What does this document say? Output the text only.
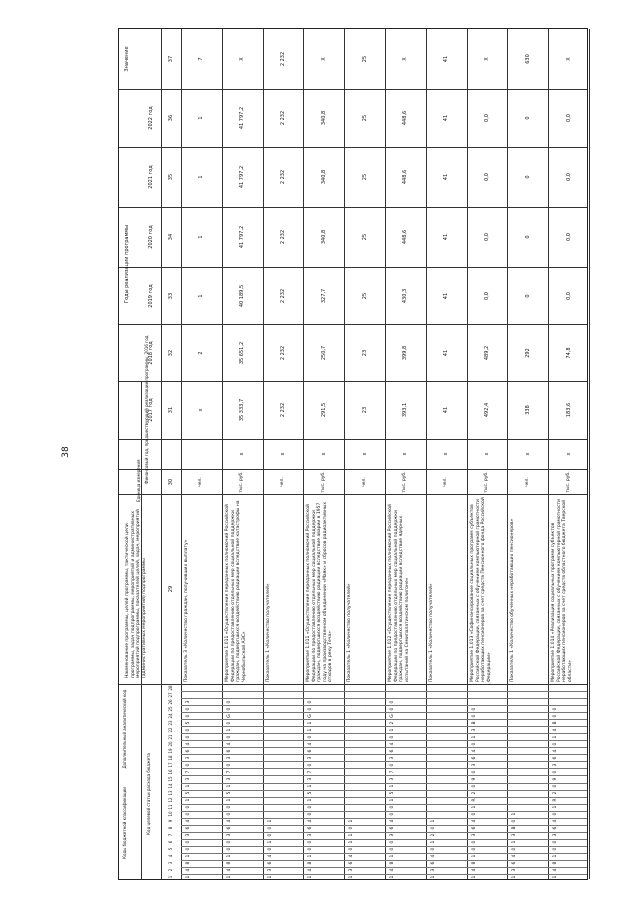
38
Значение
Годы реализации программы
2017 год
2018 год
2019 год
2020 год
2021 год
2022 год
Финансовый год, предшествующий реализации программы, 2016 год
Единица измерения
Наименование программы, целей программы, тактической цели программы, задач подпрограммы, мероприятий и административных мероприятий подпрограммы, показателей целей, задач, мероприятий (административных мероприятий) подпрограммы
Коды бюджетной классификации
Дополнительный аналитический код
Код целевой статьи расхода бюджета
29
30
31
32
33
34
35
36
37
1
2
3
4
5
6
7
8
9
10
11
12
13
14
15
16
17
18
19
20
21
22
23
24
25
26
27
28
Показатель 3 «Количество граждан, получивших выплату»
чел.
x
2
1
1
1
1
7
1
4
8
1
0
0
3
6
4
0
0
1
5
1
3
7
0
3
6
4
0
0
5
0
0
3
Мероприятие 1.011 «Осуществление переданных полномочий Российской Федерации по предоставлению отдельных мер социальной поддержки граждан, подвергшихся воздействию радиации вследствие катастрофы на Чернобыльской АЭС»
тыс. руб.
x
35 333,7
35 651,2
40 189,5
41 797,2
41 797,2
41 797,2
X
1
4
8
1
0
0
3
6
4
0
0
1
5
1
3
7
0
3
6
4
0
1
0
G
0
0
Показатель 1 «Количество получателей»
чел.
x
2 232
2 232
2 232
2 232
2 232
2 232
2 232
1
3
6
4
0
1
0
0
1
Мероприятие 1.011 «Осуществление переданных полномочий Российской Федерации по предоставлению отдельных мер социальной поддержки граждан, подвергшихся воздействию радиации вследствие аварии в 1957 году на производственном объединении «Маяк» и сбросов радиоактивных отходов в реку Теча»
тыс. руб.
x
291,5
250,7
327,7
340,8
340,8
340,8
X
1
4
8
1
0
0
3
6
4
0
0
1
5
1
3
7
0
3
6
4
0
1
1
G
0
0
Показатель 1 «Количество получателей»
чел.
x
23
23
25
25
25
25
25
1
3
6
4
0
1
1
0
1
Мероприятие 1.012 «Осуществление переданных полномочий Российской Федерации по предоставлению отдельных мер социальной поддержки граждан, подвергшихся воздействию радиации вследствие ядерных испытаний на Семипалатинском полигоне»
тыс. руб.
x
393,1
399,8
430,3
448,6
448,6
448,6
X
1
4
8
1
0
0
3
6
4
0
0
1
5
1
3
7
0
3
6
4
0
1
2
G
0
0
Показатель 1 «Количество получателей»
чел.
x
41
41
41
41
41
41
41
1
3
6
4
0
1
2
0
1
Мероприятие 1.013 «Софинансирование социальных программ субъектов Российской Федерации, связанных с обучением компьютерной грамотности неработающих пенсионеров за счет средств Пенсионного фонда Российской Федерации»
тыс. руб.
x
492,4
489,2
0,0
0,0
0,0
0,0
X
1
4
8
1
0
0
3
6
4
0
1
R
2
0
9
0
3
6
4
0
1
3
В
0
0
Показатель 1 «Количество обученных неработающих пенсионеров»
чел.
x
338
292
0
0
0
0
630
1
3
6
4
0
1
3
В
0
1
Мероприятие 1.014 «Реализация социальных программ субъектов Российской Федерации, связанных с обучением компьютерной грамотности неработающих пенсионеров за счет средств областного бюджета Тверской области»
тыс. руб.
x
183,6
74,8
0,0
0,0
0,0
0,0
X
1
4
8
1
0
0
3
6
4
0
1
R
2
0
9
0
3
6
4
0
1
4
В
0
0
